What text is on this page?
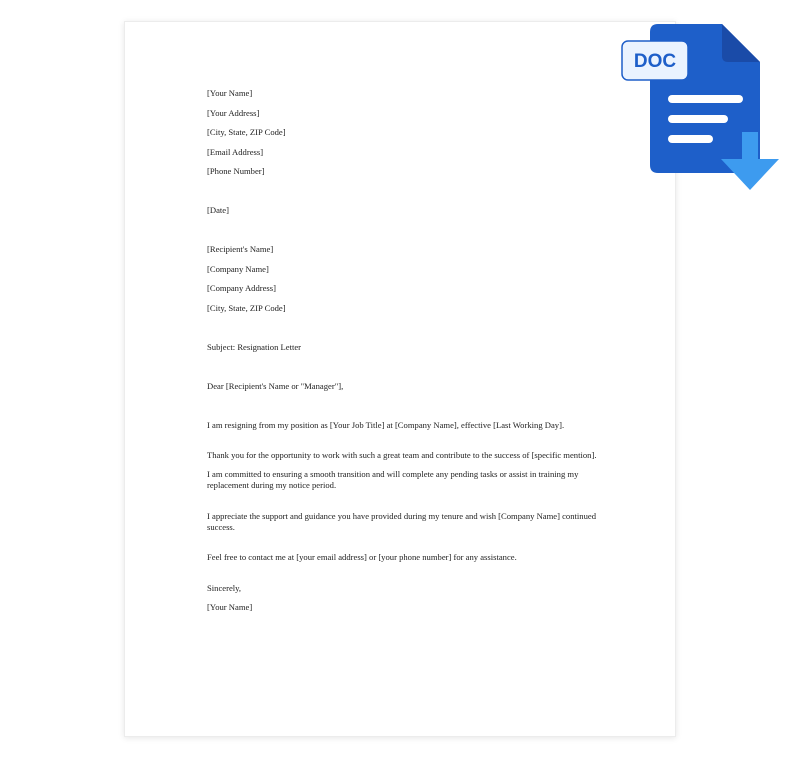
[Your Name]
[Your Address]
[City, State, ZIP Code]
[Email Address]
[Phone Number]
[Date]
[Recipient's Name]
[Company Name]
[Company Address]
[City, State, ZIP Code]
Subject: Resignation Letter
Dear [Recipient's Name or "Manager"],
I am resigning from my position as [Your Job Title] at [Company Name], effective [Last Working Day].
Thank you for the opportunity to work with such a great team and contribute to the success of [specific mention].
I am committed to ensuring a smooth transition and will complete any pending tasks or assist in training my replacement during my notice period.
I appreciate the support and guidance you have provided during my tenure and wish [Company Name] continued success.
Feel free to contact me at [your email address] or [your phone number] for any assistance.
Sincerely,
[Your Name]
DOC
